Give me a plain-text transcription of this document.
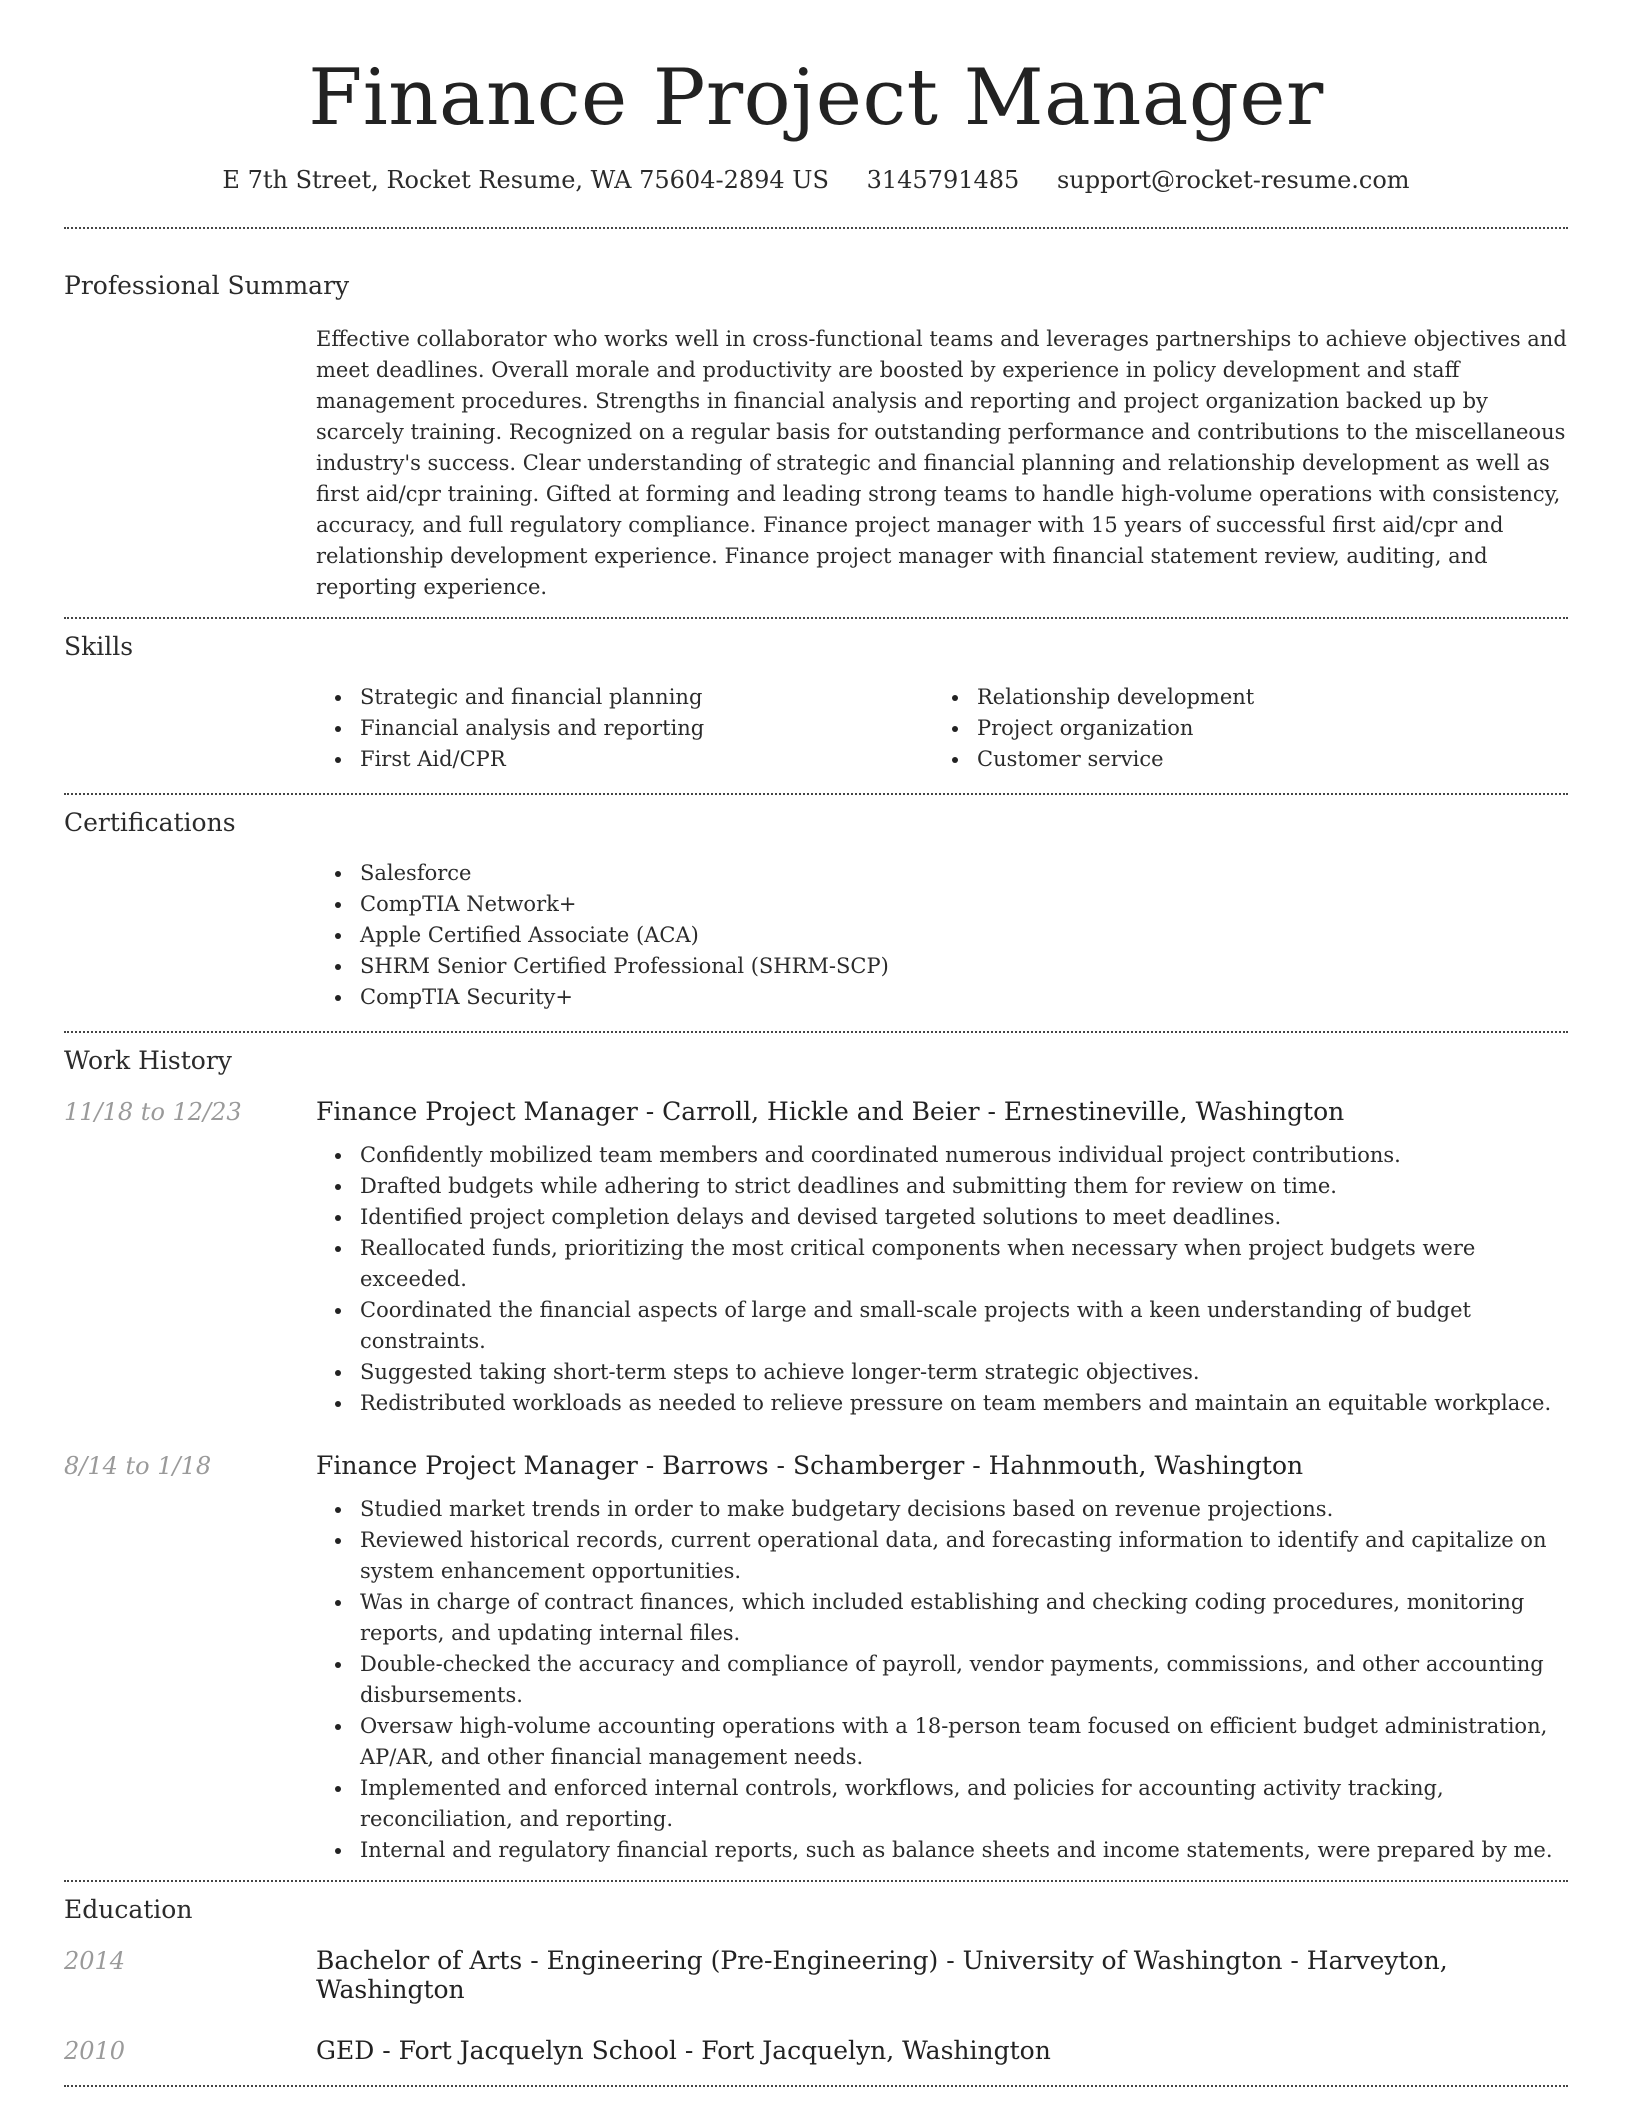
Finance Project Manager
E 7th Street, Rocket Resume, WA 75604-2894 US 3145791485 support@rocket-resume.com
Professional Summary
Effective collaborator who works well in cross-functional teams and leverages partnerships to achieve objectives and meet deadlines. Overall morale and productivity are boosted by experience in policy development and staff management procedures. Strengths in financial analysis and reporting and project organization backed up by scarcely training. Recognized on a regular basis for outstanding performance and contributions to the miscellaneous industry's success. Clear understanding of strategic and financial planning and relationship development as well as first aid/cpr training. Gifted at forming and leading strong teams to handle high-volume operations with consistency, accuracy, and full regulatory compliance. Finance project manager with 15 years of successful first aid/cpr and relationship development experience. Finance project manager with financial statement review, auditing, and reporting experience.
Skills
Strategic and financial planning
Financial analysis and reporting
First Aid/CPR
Relationship development
Project organization
Customer service
Certifications
Salesforce
CompTIA Network+
Apple Certified Associate (ACA)
SHRM Senior Certified Professional (SHRM-SCP)
CompTIA Security+
Work History
11/18 to 12/23	Finance Project Manager - Carroll, Hickle and Beier - Ernestineville, Washington
Confidently mobilized team members and coordinated numerous individual project contributions.
Drafted budgets while adhering to strict deadlines and submitting them for review on time.
Identified project completion delays and devised targeted solutions to meet deadlines.
Reallocated funds, prioritizing the most critical components when necessary when project budgets were exceeded.
Coordinated the financial aspects of large and small-scale projects with a keen understanding of budget constraints.
Suggested taking short-term steps to achieve longer-term strategic objectives.
Redistributed workloads as needed to relieve pressure on team members and maintain an equitable workplace.
8/14 to 1/18	Finance Project Manager - Barrows - Schamberger - Hahnmouth, Washington
Studied market trends in order to make budgetary decisions based on revenue projections.
Reviewed historical records, current operational data, and forecasting information to identify and capitalize on system enhancement opportunities.
Was in charge of contract finances, which included establishing and checking coding procedures, monitoring reports, and updating internal files.
Double-checked the accuracy and compliance of payroll, vendor payments, commissions, and other accounting disbursements.
Oversaw high-volume accounting operations with a 18-person team focused on efficient budget administration, AP/AR, and other financial management needs.
Implemented and enforced internal controls, workflows, and policies for accounting activity tracking, reconciliation, and reporting.
Internal and regulatory financial reports, such as balance sheets and income statements, were prepared by me.
Education
2014	Bachelor of Arts - Engineering (Pre-Engineering) - University of Washington - Harveyton, Washington
2010	GED - Fort Jacquelyn School - Fort Jacquelyn, Washington
